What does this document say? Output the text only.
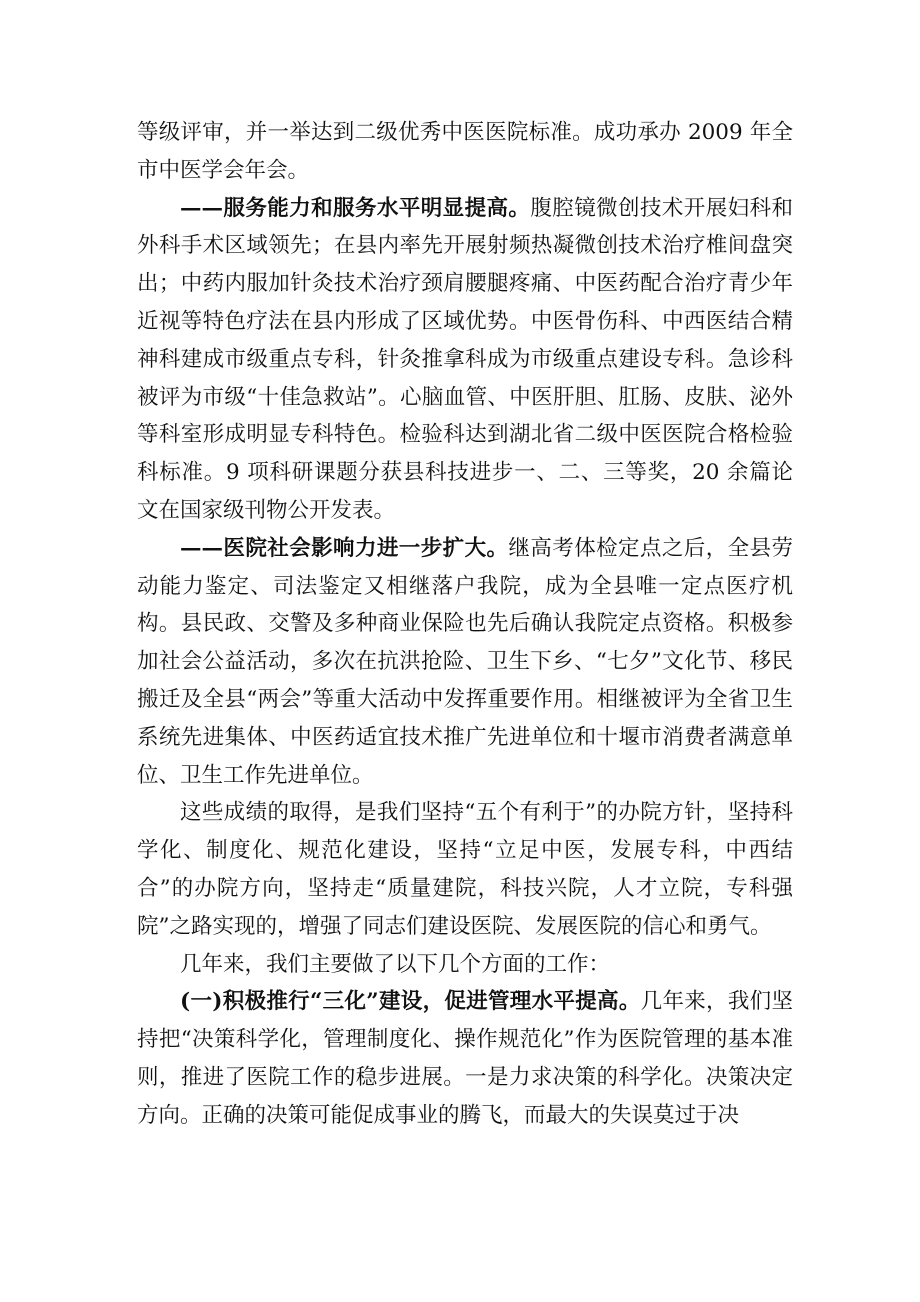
等级评审，并一举达到二级优秀中医医院标准。成功承办 2009 年全市中医学会年会。

——服务能力和服务水平明显提高。腹腔镜微创技术开展妇科和外科手术区域领先；在县内率先开展射频热凝微创技术治疗椎间盘突出；中药内服加针灸技术治疗颈肩腰腿疼痛、中医药配合治疗青少年近视等特色疗法在县内形成了区域优势。中医骨伤科、中西医结合精神科建成市级重点专科，针灸推拿科成为市级重点建设专科。急诊科被评为市级“十佳急救站”。心脑血管、中医肝胆、肛肠、皮肤、泌外等科室形成明显专科特色。检验科达到湖北省二级中医医院合格检验科标准。9 项科研课题分获县科技进步一、二、三等奖，20 余篇论文在国家级刊物公开发表。

——医院社会影响力进一步扩大。继高考体检定点之后，全县劳动能力鉴定、司法鉴定又相继落户我院，成为全县唯一定点医疗机构。县民政、交警及多种商业保险也先后确认我院定点资格。积极参加社会公益活动，多次在抗洪抢险、卫生下乡、“七夕”文化节、移民搬迁及全县“两会”等重大活动中发挥重要作用。相继被评为全省卫生系统先进集体、中医药适宜技术推广先进单位和十堰市消费者满意单位、卫生工作先进单位。

这些成绩的取得，是我们坚持“五个有利于”的办院方针，坚持科学化、制度化、规范化建设，坚持“立足中医，发展专科，中西结合”的办院方向，坚持走“质量建院，科技兴院，人才立院，专科强院”之路实现的，增强了同志们建设医院、发展医院的信心和勇气。

几年来，我们主要做了以下几个方面的工作：

(一)积极推行“三化”建设，促进管理水平提高。几年来，我们坚持把“决策科学化，管理制度化、操作规范化”作为医院管理的基本准则，推进了医院工作的稳步进展。一是力求决策的科学化。决策决定方向。正确的决策可能促成事业的腾飞，而最大的失误莫过于决
